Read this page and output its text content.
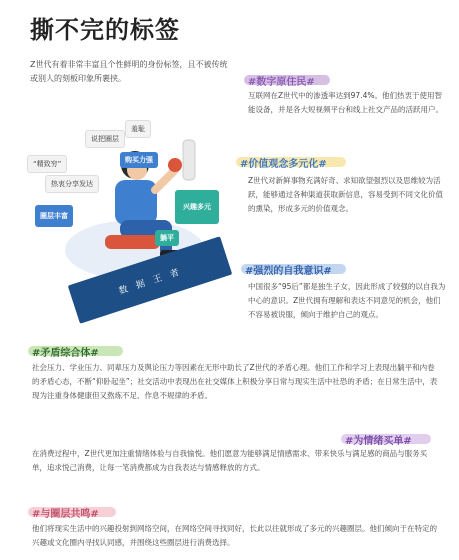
撕不完的标签
Z世代有着非常丰富且个性鲜明的身份标签，且不被传统或别人的刻板印象所裹挟。
说把圈层
羞耻
“精致穷”
热衷分享发达
购买力强
兴趣多元
圈层丰富
躺平
数 据 王 者
#数字原住民#
互联网在Z世代中的渗透率达到97.4%。他们热衷于使用智能设备，并是各大短视频平台和线上社交产品的活跃用户。
#价值观念多元化#
Z世代对新鲜事物充满好奇、求知欲望强烈以及思维较为活跃，能够通过各种渠道获取新信息，容易受到不同文化价值的熏染，形成多元的价值观念。
#强烈的自我意识#
中国很多“95后”都是独生子女，因此形成了较强的以自我为中心的意识。Z世代拥有理解和表达不同意见的机会，他们不容易被说服，倾向于维护自己的观点。
#矛盾综合体#
社会压力、学业压力、同辈压力及舆论压力等因素在无形中助长了Z世代的矛盾心理。他们工作和学习上表现出躺平和内卷的矛盾心态，不断“仰卧起坐”；社交活动中表现出在社交媒体上积极分享日常与现实生活中社恐的矛盾；在日常生活中，表现为注重身体健康但又熬炼不足、作息不规律的矛盾。
#为情绪买单#
在消费过程中，Z世代更加注重情绪体验与自我愉悦。他们愿意为能够满足情感需求、带来快乐与满足感的商品与服务买单，追求悦己消费，让每一笔消费都成为自我表达与情感释放的方式。
#与圈层共鸣#
他们将现实生活中的兴趣投射到网络空间，在网络空间寻找同好，长此以往就形成了多元的兴趣圈层。他们倾向于在特定的兴趣或文化圈内寻找认同感，并围绕这些圈层进行消费选择。
